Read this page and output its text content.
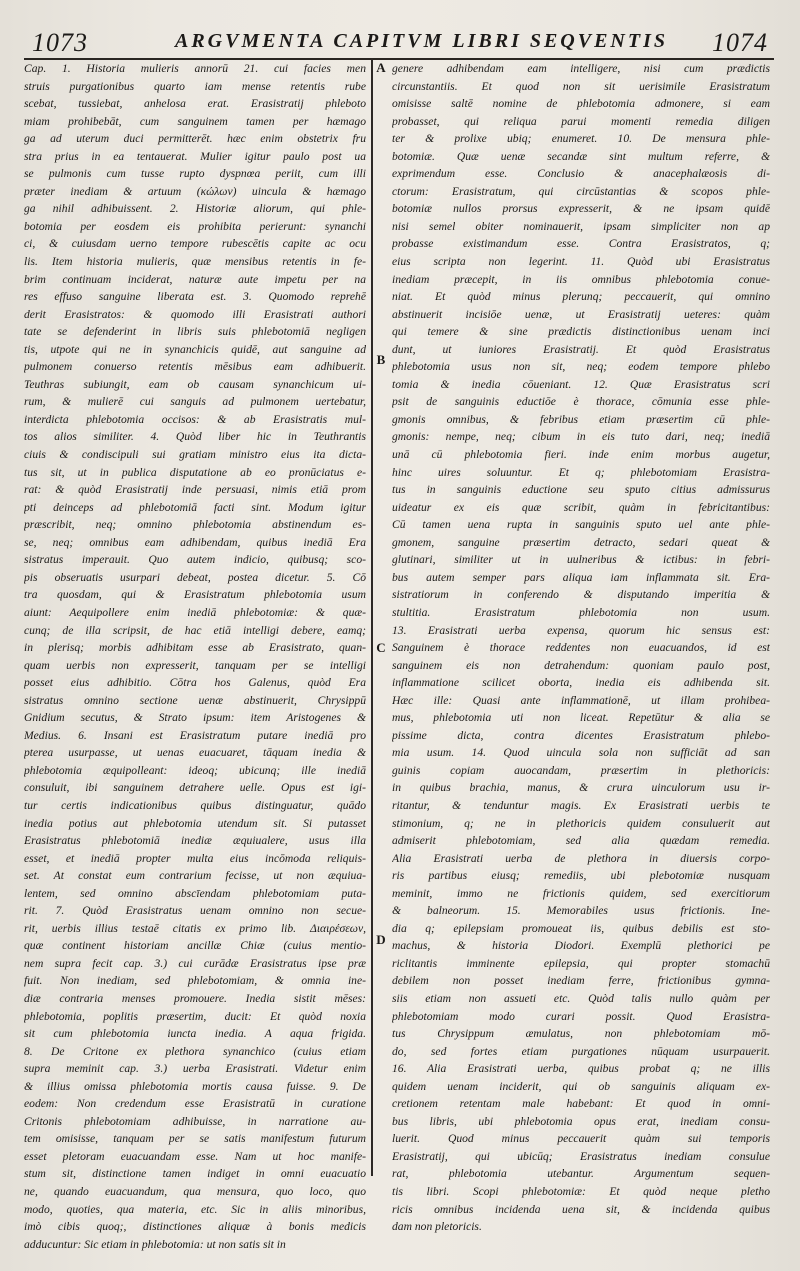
1073	ARGVMENTA CAPITVM LIBRI SEQVENTIS	1074
A
B
C
D
Cap. 1. Historia mulieris annorū 21. cui facies men
struis purgationibus quarto iam mense retentis rube
scebat, tussiebat, anhelosa erat. Erasistratij phleboto
miam prohibebāt, cum sanguinem tamen per hæmago
ga ad uterum duci permitterēt. hæc enim obstetrix fru
stra prius in ea tentauerat. Mulier igitur paulo post ua
se pulmonis cum tusse rupto dyspnœa periit, cum illi
præter inediam & artuum (κώλων) uincula & hæmago
ga nihil adhibuissent. 2. Historiæ aliorum, qui phle-
botomia per eosdem eis prohibita perierunt: synanchi
ci, & cuiusdam uerno tempore rubescētis capite ac ocu
lis. Item historia mulieris, quæ mensibus retentis in fe-
brim continuam inciderat, naturæ aute impetu per na
res effuso sanguine liberata est. 3. Quomodo reprehē
derit Erasistratos: & quomodo illi Erasistrati authori
tate se defenderint in libris suis phlebotomiā negligen
tis, utpote qui ne in synanchicis quidē, aut sanguine ad
pulmonem conuerso retentis mēsibus eam adhibuerit.
Teuthras subiungit, eam ob causam synanchicum ui-
rum, & mulierē cui sanguis ad pulmonem uertebatur,
interdicta phlebotomia occisos: & ab Erasistratis mul-
tos alios similiter. 4. Quòd liber hic in Teuthrantis
ciuis & condiscipuli sui gratiam ministro eius ita dicta-
tus sit, ut in publica disputatione ab eo pronūciatus e-
rat: & quòd Erasistratij inde persuasi, nimis etiā prom
pti deinceps ad phlebotomiā facti sint. Modum igitur
præscribit, neq; omnino phlebotomia abstinendum es-
se, neq; omnibus eam adhibendam, quibus inediā Era
sistratus imperauit. Quo autem indicio, quibusq; sco-
pis obseruatis usurpari debeat, postea dicetur. 5. Cō
tra quosdam, qui & Erasistratum phlebotomia usum
aiunt: Aequipollere enim inediā phlebotomiæ: & quæ-
cunq; de illa scripsit, de hac etiā intelligi debere, eamq;
in plerisq; morbis adhibitam esse ab Erasistrato, quan-
quam uerbis non expresserit, tanquam per se intelligi
posset eius adhibitio. Cōtra hos Galenus, quòd Era
sistratus omnino sectione uenæ abstinuerit, Chrysippū
Gnidium secutus, & Strato ipsum: item Aristogenes &
Medius. 6. Insani est Erasistratum putare inediā pro
pterea usurpasse, ut uenas euacuaret, tāquam inedia &
phlebotomia æquipolleant: ideoq; ubicunq; ille inediā
consuluit, ibi sanguinem detrahere uelle. Opus est igi-
tur certis indicationibus quibus distinguatur, quādo
inedia potius aut phlebotomia utendum sit. Si putasset
Erasistratus phlebotomiā inediæ æquiualere, usus illa
esset, et inediā propter multa eius incōmoda reliquis-
set. At constat eum contrarium fecisse, ut non æquiua-
lentem, sed omnino abscīendam phlebotomiam puta-
rit. 7. Quòd Erasistratus uenam omnino non secue-
rit, uerbis illius testaē citatis ex primo lib. Διαιρέσεων,
quæ continent historiam ancillæ Chiæ (cuius mentio-
nem supra fecit cap. 3.) cui curādæ Erasistratus ipse præ
fuit. Non inediam, sed phlebotomiam, & omnia ine-
diæ contraria menses promouere. Inedia sistit mēses:
phlebotomia, poplitis præsertim, ducit: Et quòd noxia
sit cum phlebotomia iuncta inedia. A aqua frigida.
8. De Critone ex plethora synanchico (cuius etiam
supra meminit cap. 3.) uerba Erasistrati. Videtur enim
& illius omissa phlebotomia mortis causa fuisse. 9. De
eodem: Non credendum esse Erasistratū in curatione
Critonis phlebotomiam adhibuisse, in narratione au-
tem omisisse, tanquam per se satis manifestum futurum
esset pletoram euacuandam esse. Nam ut hoc manife-
stum sit, distinctione tamen indiget in omni euacuatio
ne, quando euacuandum, qua mensura, quo loco, quo
modo, quoties, qua materia, etc. Sic in aliis minoribus,
imò cibis quoq;, distinctiones aliquæ à bonis medicis
adducuntur: Sic etiam in phlebotomia: ut non satis sit in
genere adhibendam eam intelligere, nisi cum prædictis
circunstantiis. Et quod non sit uerisimile Erasistratum
omisisse saltē nomine de phlebotomia admonere, si eam
probasset, qui reliqua parui momenti remedia diligen
ter & prolixe ubiq; enumeret. 10. De mensura phle-
botomiæ. Quæ uenæ secandæ sint multum referre, &
exprimendum esse. Conclusio & anacephalæosis di-
ctorum: Erasistratum, qui circūstantias & scopos phle-
botomiæ nullos prorsus expresserit, & ne ipsam quidē
nisi semel obiter nominauerit, ipsam simpliciter non ap
probasse existimandum esse. Contra Erasistratos, q;
eius scripta non legerint. 11. Quòd ubi Erasistratus
inediam præcepit, in iis omnibus phlebotomia conue-
niat. Et quòd minus plerunq; peccauerit, qui omnino
abstinuerit incisiōe uenæ, ut Erasistratij ueteres: quàm
qui temere & sine prædictis distinctionibus uenam inci
dunt, ut iuniores Erasistratij. Et quòd Erasistratus
phlebotomia usus non sit, neq; eodem tempore phlebo
tomia & inedia cōueniant. 12. Quæ Erasistratus scri
psit de sanguinis eductiōe è thorace, cōmunia esse phle-
gmonis omnibus, & febribus etiam præsertim cū phle-
gmonis: nempe, neq; cibum in eis tuto dari, neq; inediā
unā cū phlebotomia fieri. inde enim morbus augetur,
hinc uires soluuntur. Et q; phlebotomiam Erasistra-
tus in sanguinis eductione seu sputo citius admissurus
uideatur ex eis quæ scribit, quàm in febricitantibus:
Cū tamen uena rupta in sanguinis sputo uel ante phle-
gmonem, sanguine præsertim detracto, sedari queat &
glutinari, similiter ut in uulneribus & ictibus: in febri-
bus autem semper pars aliqua iam inflammata sit. Era-
sistratiorum in conferendo & disputando imperitia &
stultitia. Erasistratum phlebotomia non usum.
13. Erasistrati uerba expensa, quorum hic sensus est:
Sanguinem è thorace reddentes non euacuandos, id est
sanguinem eis non detrahendum: quoniam paulo post,
inflammatione scilicet oborta, inedia eis adhibenda sit.
Hæc ille: Quasi ante inflammationē, ut illam prohibea-
mus, phlebotomia uti non liceat. Repetūtur & alia se
pissime dicta, contra dicentes Erasistratum phlebo-
mia usum. 14. Quod uincula sola non sufficiāt ad san
guinis copiam auocandam, præsertim in plethoricis:
in quibus brachia, manus, & crura uinculorum usu ir-
ritantur, & tenduntur magis. Ex Erasistrati uerbis te
stimonium, q; ne in plethoricis quidem consuluerit aut
admiserit phlebotomiam, sed alia quædam remedia.
Alia Erasistrati uerba de plethora in diuersis corpo-
ris partibus eiusq; remediis, ubi plebotomiæ nusquam
meminit, immo ne frictionis quidem, sed exercitiorum
& balneorum. 15. Memorabiles usus frictionis. Ine-
dia q; epilepsiam promoueat iis, quibus debilis est sto-
machus, & historia Diodori. Exemplū plethorici pe
riclitantis imminente epilepsia, qui propter stomachū
debilem non posset inediam ferre, frictionibus gymna-
siis etiam non assueti etc. Quòd talis nullo quàm per
phlebotomiam modo curari possit. Quod Erasistra-
tus Chrysippum æmulatus, non phlebotomiam mō-
do, sed fortes etiam purgationes nūquam usurpauerit.
16. Alia Erasistrati uerba, quibus probat q; ne illis
quidem uenam inciderit, qui ob sanguinis aliquam ex-
cretionem retentam male habebant: Et quod in omni-
bus libris, ubi phlebotomia opus erat, inediam consu-
luerit. Quod minus peccauerit quàm sui temporis
Erasistratij, qui ubicūq; Erasistratus inediam consulue
rat, phlebotomia utebantur. Argumentum sequen-
tis libri. Scopi phlebotomiæ: Et quòd neque pletho
ricis omnibus incidenda uena sit, & incidenda quibus
dam non pletoricis.
